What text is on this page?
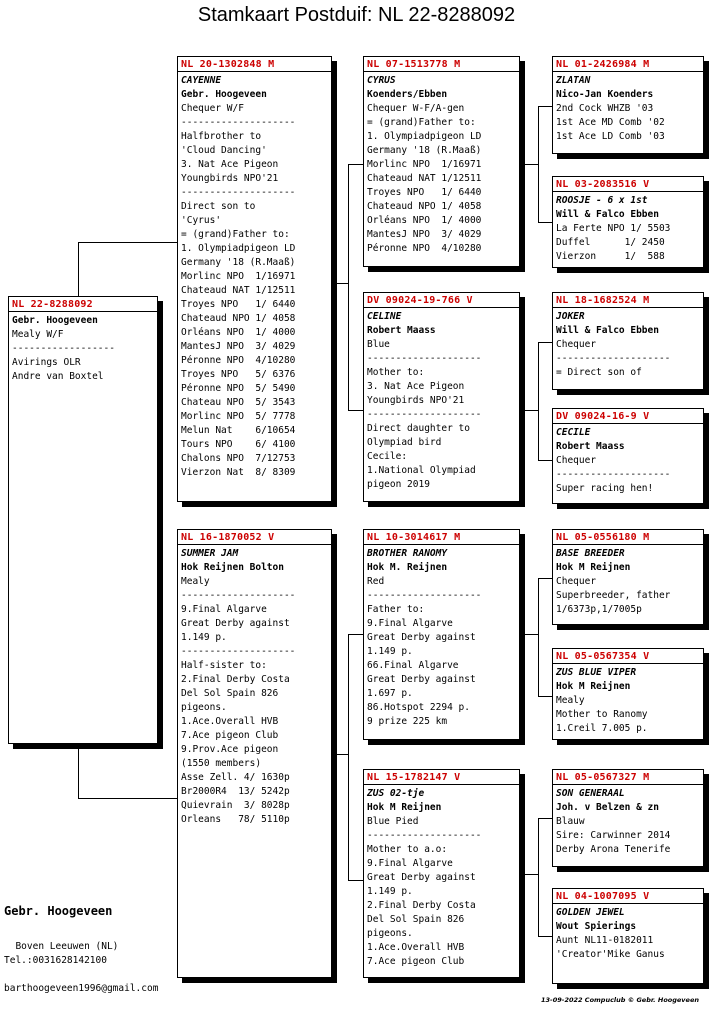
Stamkaart Postduif: NL 22-8288092
NL 22-8288092
Gebr. Hoogeveen
Mealy W/F
------------------
Avirings OLR
Andre van Boxtel
NL 20-1302848 M
CAYENNE
Gebr. Hoogeveen
Chequer W/F
--------------------
Halfbrother to
'Cloud Dancing'
3. Nat Ace Pigeon
Youngbirds NPO'21
--------------------
Direct son to
'Cyrus'
= (grand)Father to:
1. Olympiadpigeon LD
Germany '18 (R.Maaß)
Morlinc NPO  1/16971
Chateaud NAT 1/12511
Troyes NPO   1/ 6440
Chateaud NPO 1/ 4058
Orléans NPO  1/ 4000
MantesJ NPO  3/ 4029
Péronne NPO  4/10280
Troyes NPO   5/ 6376
Péronne NPO  5/ 5490
Chateau NPO  5/ 3543
Morlinc NPO  5/ 7778
Melun Nat    6/10654
Tours NPO    6/ 4100
Chalons NPO  7/12753
Vierzon Nat  8/ 8309
NL 16-1870052 V
SUMMER JAM
Hok Reijnen Bolton
Mealy
--------------------
9.Final Algarve
Great Derby against
1.149 p.
--------------------
Half-sister to:
2.Final Derby Costa
Del Sol Spain 826
pigeons.
1.Ace.Overall HVB
7.Ace pigeon Club
9.Prov.Ace pigeon
(1550 members)
Asse Zell. 4/ 1630p
Br2000R4  13/ 5242p
Quievrain  3/ 8028p
Orleans   78/ 5110p
NL 07-1513778 M
CYRUS
Koenders/Ebben
Chequer W-F/A-gen
= (grand)Father to:
1. Olympiadpigeon LD
Germany '18 (R.Maaß)
Morlinc NPO  1/16971
Chateaud NAT 1/12511
Troyes NPO   1/ 6440
Chateaud NPO 1/ 4058
Orléans NPO  1/ 4000
MantesJ NPO  3/ 4029
Péronne NPO  4/10280
DV 09024-19-766 V
CELINE
Robert Maass
Blue
--------------------
Mother to:
3. Nat Ace Pigeon
Youngbirds NPO'21
--------------------
Direct daughter to
Olympiad bird
Cecile:
1.National Olympiad
pigeon 2019
NL 10-3014617 M
BROTHER RANOMY
Hok M. Reijnen
Red
--------------------
Father to:
9.Final Algarve
Great Derby against
1.149 p.
66.Final Algarve
Great Derby against
1.697 p.
86.Hotspot 2294 p.
9 prize 225 km
NL 15-1782147 V
ZUS 02-tje
Hok M Reijnen
Blue Pied
--------------------
Mother to a.o:
9.Final Algarve
Great Derby against
1.149 p.
2.Final Derby Costa
Del Sol Spain 826
pigeons.
1.Ace.Overall HVB
7.Ace pigeon Club
NL 01-2426984 M
ZLATAN
Nico-Jan Koenders
2nd Cock WHZB '03
1st Ace MD Comb '02
1st Ace LD Comb '03
NL 03-2083516 V
ROOSJE - 6 x 1st
Will & Falco Ebben
La Ferte NPO 1/ 5503
Duffel      1/ 2450
Vierzon     1/  588
NL 18-1682524 M
JOKER
Will & Falco Ebben
Chequer
--------------------
= Direct son of
DV 09024-16-9 V
CECILE
Robert Maass
Chequer
--------------------
Super racing hen!
NL 05-0556180 M
BASE BREEDER
Hok M Reijnen
Chequer
Superbreeder, father
1/6373p,1/7005p
NL 05-0567354 V
ZUS BLUE VIPER
Hok M Reijnen
Mealy
Mother to Ranomy
1.Creil 7.005 p.
NL 05-0567327 M
SON GENERAAL
Joh. v Belzen & zn
Blauw
Sire: Carwinner 2014
Derby Arona Tenerife
NL 04-1007095 V
GOLDEN JEWEL
Wout Spierings
Aunt NL11-0182011
'Creator'Mike Ganus
Gebr. Hoogeveen
Boven Leeuwen (NL)
Tel.:0031628142100
barthoogeveen1996@gmail.com
13-09-2022 Compuclub © Gebr. Hoogeveen
